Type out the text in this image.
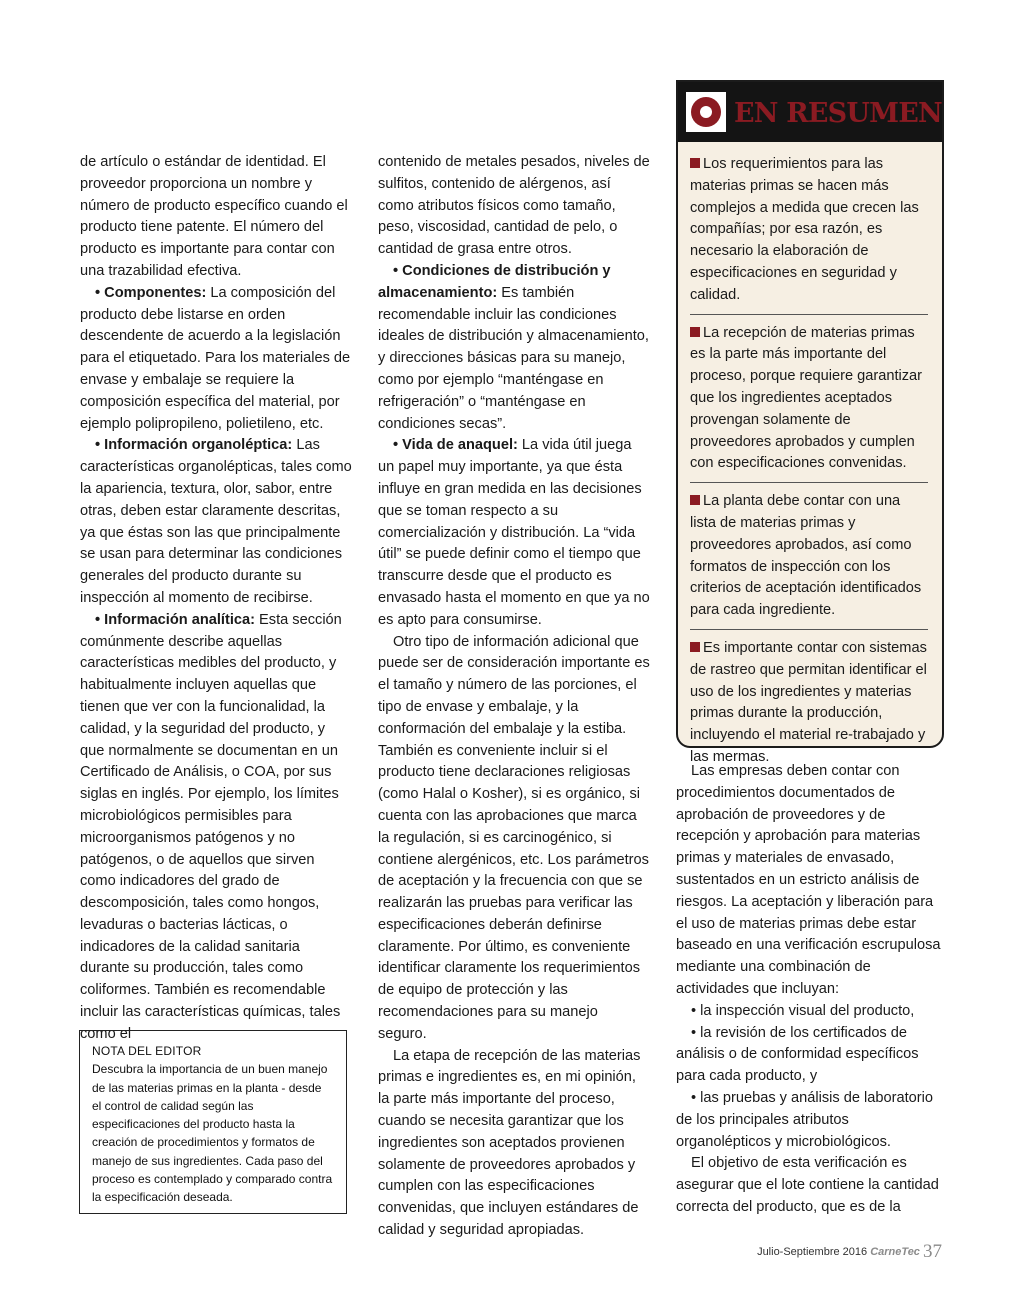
de artículo o estándar de identidad. El proveedor proporciona un nombre y número de producto específico cuando el producto tiene patente. El número del producto es importante para contar con una trazabilidad efectiva.

• Componentes: La composición del producto debe listarse en orden descendente de acuerdo a la legislación para el etiquetado. Para los materiales de envase y embalaje se requiere la composición específica del material, por ejemplo polipropileno, polietileno, etc.

• Información organoléptica: Las características organolépticas, tales como la apariencia, textura, olor, sabor, entre otras, deben estar claramente descritas, ya que éstas son las que principalmente se usan para determinar las condiciones generales del producto durante su inspección al momento de recibirse.

• Información analítica: Esta sección comúnmente describe aquellas características medibles del producto, y habitualmente incluyen aquellas que tienen que ver con la funcionalidad, la calidad, y la seguridad del producto, y que normalmente se documentan en un Certificado de Análisis, o COA, por sus siglas en inglés. Por ejemplo, los límites microbiológicos permisibles para microorganismos patógenos y no patógenos, o de aquellos que sirven como indicadores del grado de descomposición, tales como hongos, levaduras o bacterias lácticas, o indicadores de la calidad sanitaria durante su producción, tales como coliformes. También es recomendable incluir las características químicas, tales como el

NOTA DEL EDITOR
Descubra la importancia de un buen manejo de las materias primas en la planta - desde el control de calidad según las especificaciones del producto hasta la creación de procedimientos y formatos de manejo de sus ingredientes. Cada paso del proceso es contemplado y comparado contra la especificación deseada.

contenido de metales pesados, niveles de sulfitos, contenido de alérgenos, así como atributos físicos como tamaño, peso, viscosidad, cantidad de pelo, o cantidad de grasa entre otros.

• Condiciones de distribución y almacenamiento: Es también recomendable incluir las condiciones ideales de distribución y almacenamiento, y direcciones básicas para su manejo, como por ejemplo “manténgase en refrigeración” o “manténgase en condiciones secas”.

• Vida de anaquel: La vida útil juega un papel muy importante, ya que ésta influye en gran medida en las decisiones que se toman respecto a su comercialización y distribución. La “vida útil” se puede definir como el tiempo que transcurre desde que el producto es envasado hasta el momento en que ya no es apto para consumirse.

Otro tipo de información adicional que puede ser de consideración importante es el tamaño y número de las porciones, el tipo de envase y embalaje, y la conformación del embalaje y la estiba. También es conveniente incluir si el producto tiene declaraciones religiosas (como Halal o Kosher), si es orgánico, si cuenta con las aprobaciones que marca la regulación, si es carcinogénico, si contiene alergénicos, etc. Los parámetros de aceptación y la frecuencia con que se realizarán las pruebas para verificar las especificaciones deberán definirse claramente. Por último, es conveniente identificar claramente los requerimientos de equipo de protección y las recomendaciones para su manejo seguro.

La etapa de recepción de las materias primas e ingredientes es, en mi opinión, la parte más importante del proceso, cuando se necesita garantizar que los ingredientes son aceptados provienen solamente de proveedores aprobados y cumplen con las especificaciones convenidas, que incluyen estándares de calidad y seguridad apropiadas.

EN RESUMEN
Los requerimientos para las materias primas se hacen más complejos a medida que crecen las compañías; por esa razón, es necesario la elaboración de especificaciones en seguridad y calidad.
La recepción de materias primas es la parte más importante del proceso, porque requiere garantizar que los ingredientes aceptados provengan solamente de proveedores aprobados y cumplen con especificaciones convenidas.
La planta debe contar con una lista de materias primas y proveedores aprobados, así como formatos de inspección con los criterios de aceptación identificados para cada ingrediente.
Es importante contar con sistemas de rastreo que permitan identificar el uso de los ingredientes y materias primas durante la producción, incluyendo el material re-trabajado y las mermas.

Las empresas deben contar con procedimientos documentados de aprobación de proveedores y de recepción y aprobación para materias primas y materiales de envasado, sustentados en un estricto análisis de riesgos. La aceptación y liberación para el uso de materias primas debe estar baseado en una verificación escrupulosa mediante una combinación de actividades que incluyan:

• la inspección visual del producto,

• la revisión de los certificados de análisis o de conformidad específicos para cada producto, y

• las pruebas y análisis de laboratorio de los principales atributos organolépticos y microbiológicos.

El objetivo de esta verificación es asegurar que el lote contiene la cantidad correcta del producto, que es de la

Julio-Septiembre 2016 CarneTec 37
